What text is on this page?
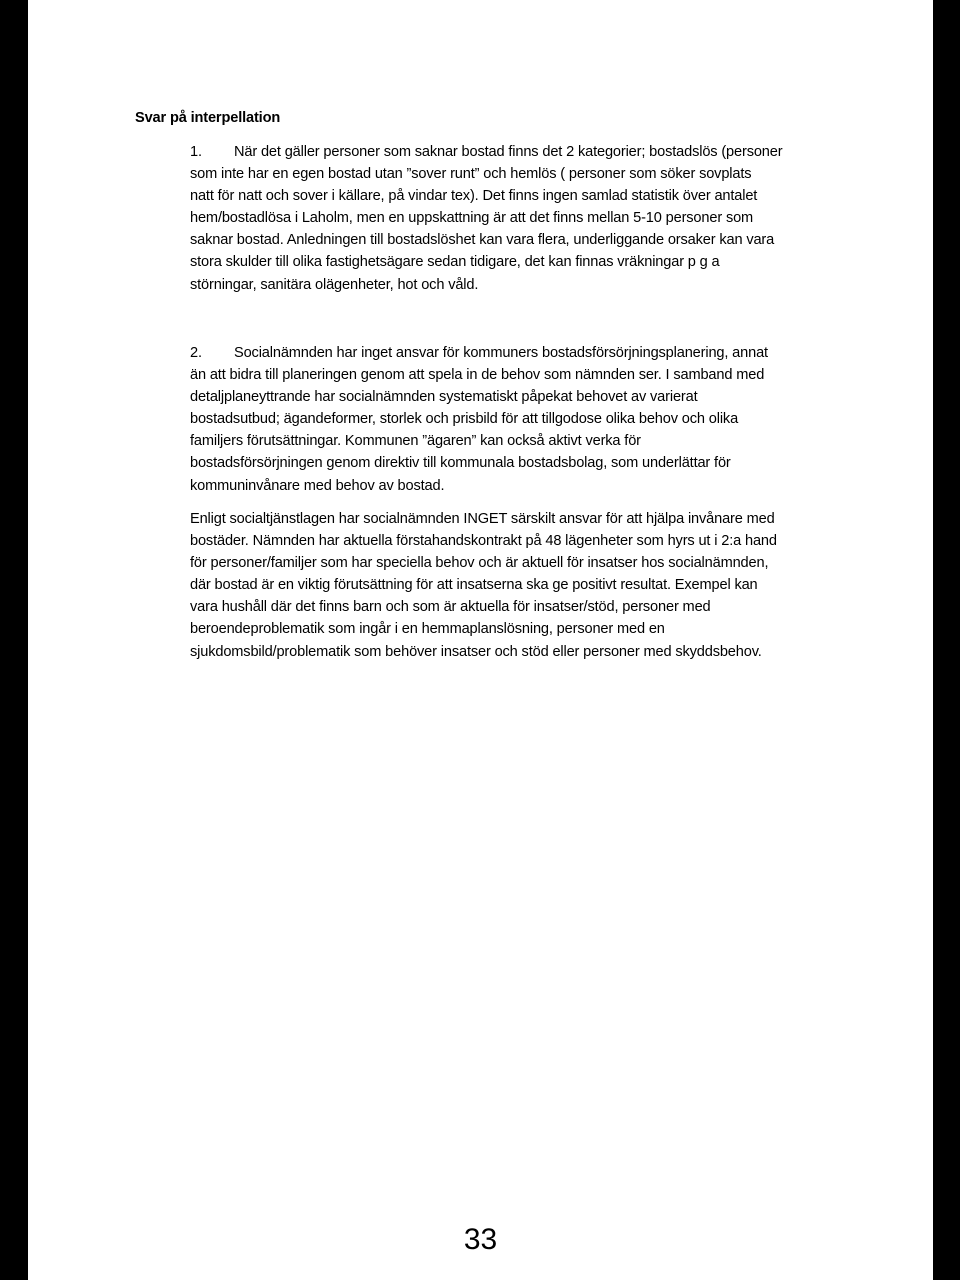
Svar på interpellation
1. När det gäller personer som saknar bostad finns det 2 kategorier; bostadslös (personer
som inte har en egen bostad utan ”sover runt” och hemlös ( personer som söker sovplats
natt för natt och sover i källare, på vindar tex). Det finns ingen samlad statistik över antalet
hem/bostadlösa i Laholm, men en uppskattning är att det finns mellan 5-10 personer som
saknar bostad. Anledningen till bostadslöshet kan vara flera, underliggande orsaker kan vara
stora skulder till olika fastighetsägare sedan tidigare, det kan finnas vräkningar p g a
störningar, sanitära olägenheter, hot och våld.
2. Socialnämnden har inget ansvar för kommuners bostadsförsörjningsplanering, annat
än att bidra till planeringen genom att spela in de behov som nämnden ser. I samband med
detaljplaneyttrande har socialnämnden systematiskt påpekat behovet av varierat
bostadsutbud; ägandeformer, storlek och prisbild för att tillgodose olika behov och olika
familjers förutsättningar. Kommunen ”ägaren” kan också aktivt verka för
bostadsförsörjningen genom direktiv till kommunala bostadsbolag, som underlättar för
kommuninvånare med behov av bostad.
Enligt socialtjänstlagen har socialnämnden INGET särskilt ansvar för att hjälpa invånare med
bostäder. Nämnden har aktuella förstahandskontrakt på 48 lägenheter som hyrs ut i 2:a hand
för personer/familjer som har speciella behov och är aktuell för insatser hos socialnämnden,
där bostad är en viktig förutsättning för att insatserna ska ge positivt resultat. Exempel kan
vara hushåll där det finns barn och som är aktuella för insatser/stöd, personer med
beroendeproblematik som ingår i en hemmaplanslösning, personer med en
sjukdomsbild/problematik som behöver insatser och stöd eller personer med skyddsbehov.
33
